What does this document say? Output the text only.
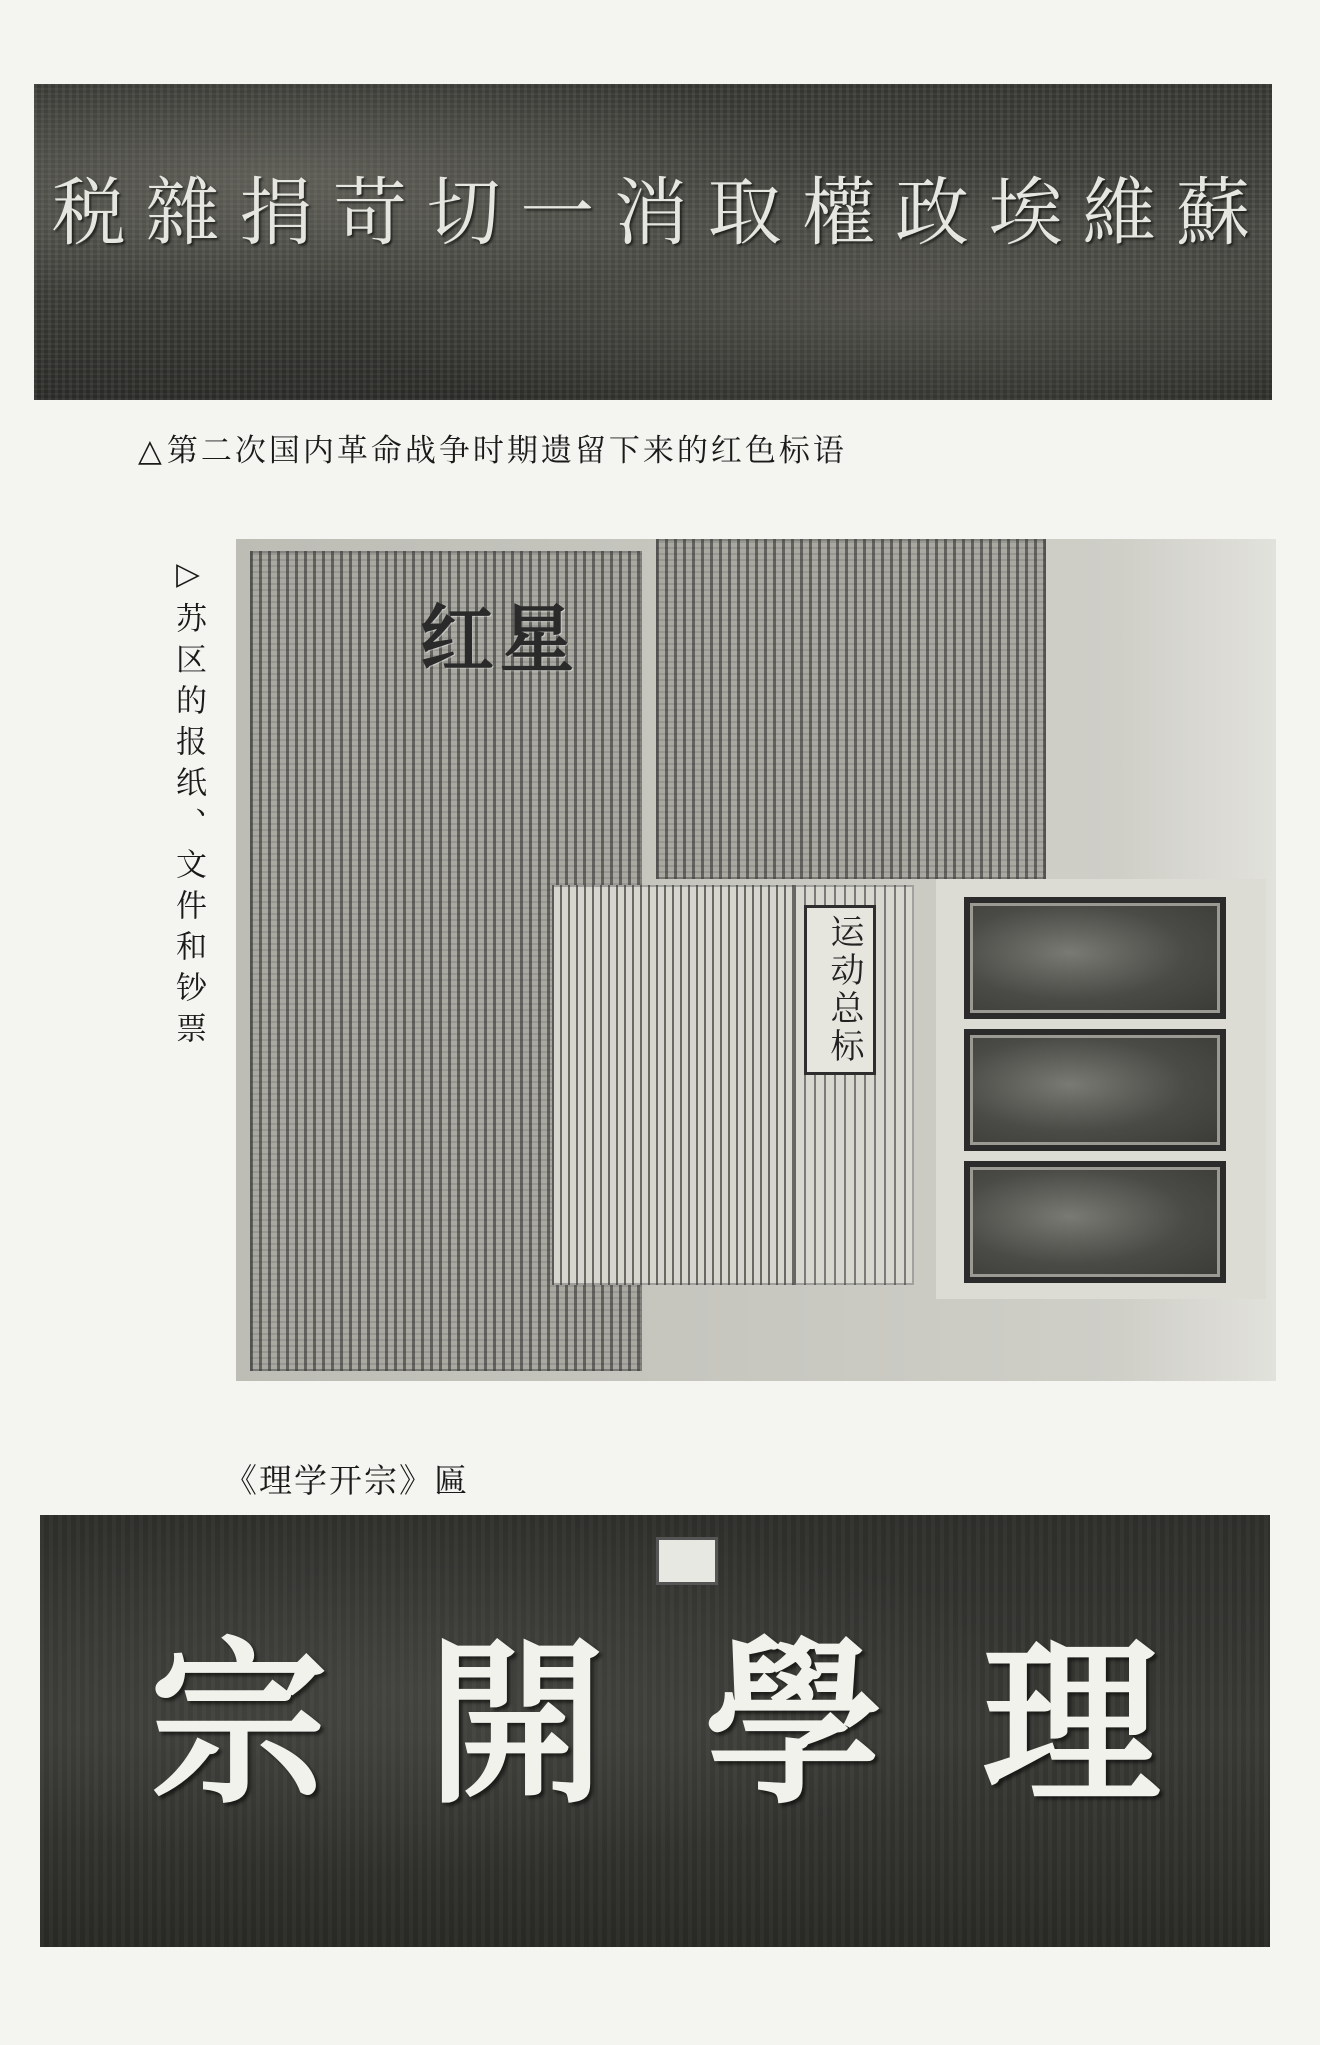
税 雜 捐 苛 切 一 消 取 權 政 埃 維 蘇
△第二次国内革命战争时期遗留下来的红色标语
▷苏区的报纸、文件和钞票	红星
运动总标
《理学开宗》匾
宗 開 學 理
